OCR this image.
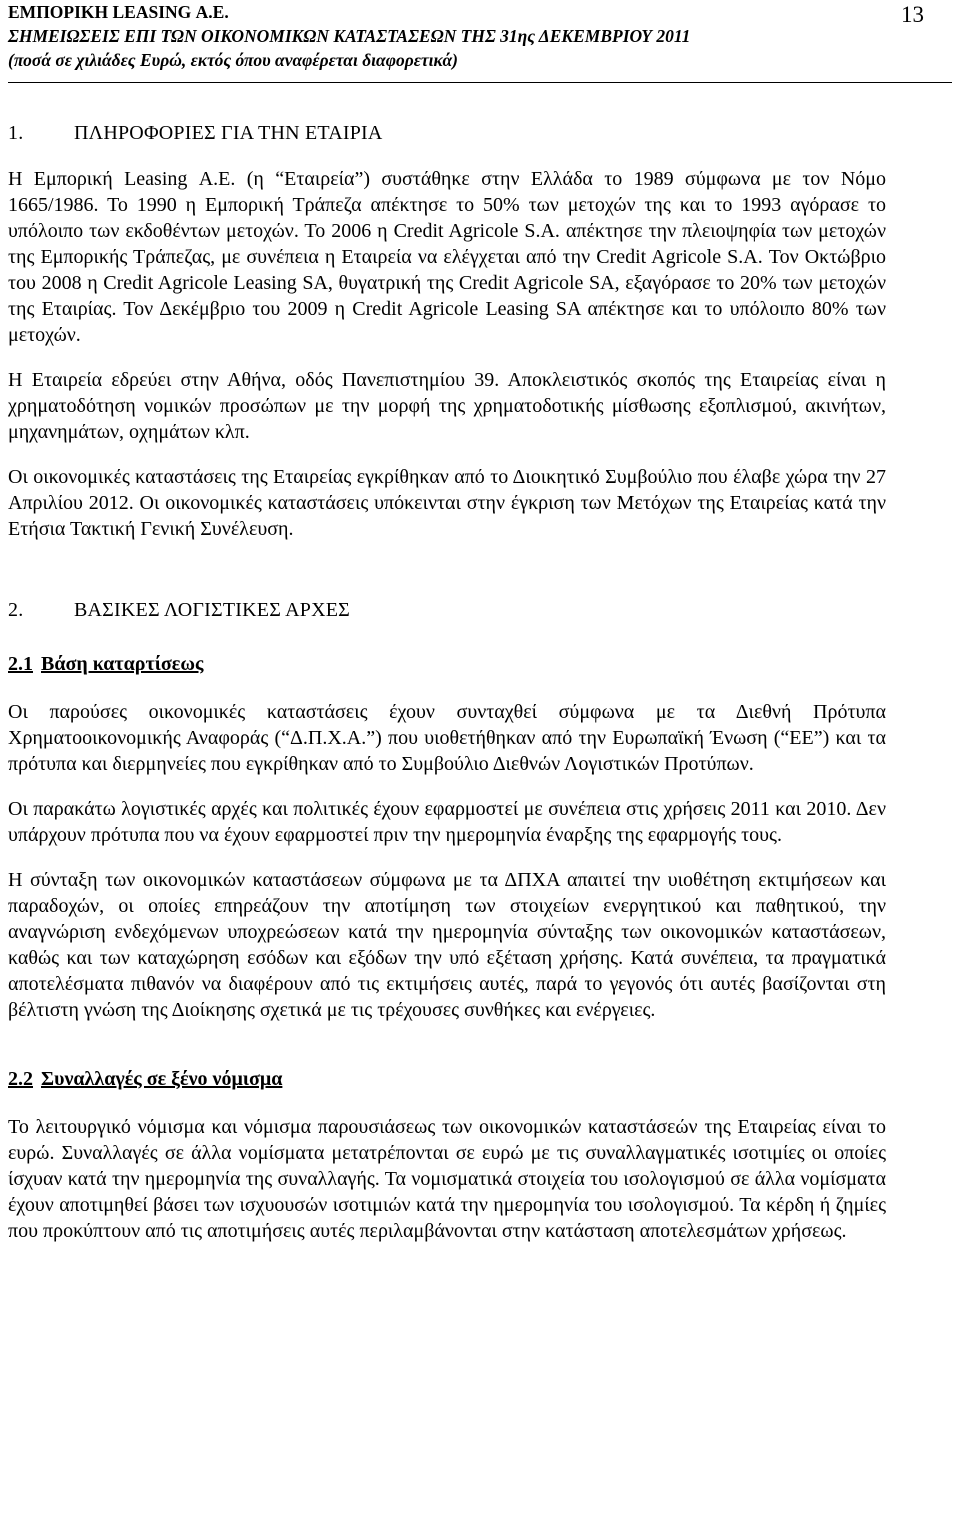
ΕΜΠΟΡΙΚΗ LEASING Α.Ε.
ΣΗΜΕΙΩΣΕΙΣ ΕΠΙ ΤΩΝ ΟΙΚΟΝΟΜΙΚΩΝ ΚΑΤΑΣΤΑΣΕΩΝ ΤΗΣ 31ης ΔΕΚΕΜΒΡΙΟΥ 2011
(ποσά σε χιλιάδες Ευρώ, εκτός όπου αναφέρεται διαφορετικά)
13
1.	ΠΛΗΡΟΦΟΡΙΕΣ ΓΙΑ ΤΗΝ ΕΤΑΙΡΙΑ

Η Εμπορική Leasing Α.Ε. (η “Εταιρεία”) συστάθηκε στην Ελλάδα το 1989 σύμφωνα με τον Νόμο 1665/1986. Το 1990 η Εμπορική Τράπεζα απέκτησε το 50% των μετοχών της και το 1993 αγόρασε το υπόλοιπο των εκδοθέντων μετοχών. Το 2006 η Credit Agricole S.A. απέκτησε την πλειοψηφία των μετοχών της Εμπορικής Τράπεζας, με συνέπεια η Εταιρεία να ελέγχεται από την Credit Agricole S.A. Τον Οκτώβριο του 2008 η Credit Agricole Leasing SA, θυγατρική της Credit Agricole SA, εξαγόρασε το 20% των μετοχών της Εταιρίας. Τον Δεκέμβριο του 2009 η Credit Agricole Leasing SA απέκτησε και το υπόλοιπο 80% των μετοχών.

Η Εταιρεία εδρεύει στην Αθήνα, οδός Πανεπιστημίου 39. Αποκλειστικός σκοπός της Εταιρείας είναι η χρηματοδότηση νομικών προσώπων με την μορφή της χρηματοδοτικής μίσθωσης εξοπλισμού, ακινήτων, μηχανημάτων, οχημάτων κλπ.

Οι οικονομικές καταστάσεις της Εταιρείας εγκρίθηκαν από το Διοικητικό Συμβούλιο που έλαβε χώρα την 27 Απριλίου 2012. Οι οικονομικές καταστάσεις υπόκεινται στην έγκριση των Μετόχων της Εταιρείας κατά την Ετήσια Τακτική Γενική Συνέλευση.

2.	ΒΑΣΙΚΕΣ ΛΟΓΙΣΤΙΚΕΣ ΑΡΧΕΣ
2.1 Βάση καταρτίσεως

Οι παρούσες οικονομικές καταστάσεις έχουν συνταχθεί σύμφωνα με τα Διεθνή Πρότυπα Χρηματοοικονομικής Αναφοράς (“Δ.Π.Χ.Α.”) που υιοθετήθηκαν από την Ευρωπαϊκή Ένωση (“ΕΕ”) και τα πρότυπα και διερμηνείες που εγκρίθηκαν από το Συμβούλιο Διεθνών Λογιστικών Προτύπων.

Οι παρακάτω λογιστικές αρχές και πολιτικές έχουν εφαρμοστεί με συνέπεια στις χρήσεις 2011 και 2010. Δεν υπάρχουν πρότυπα που να έχουν εφαρμοστεί πριν την ημερομηνία έναρξης της εφαρμογής τους.

Η σύνταξη των οικονομικών καταστάσεων σύμφωνα με τα ΔΠΧΑ απαιτεί την υιοθέτηση εκτιμήσεων και παραδοχών, οι οποίες επηρεάζουν την αποτίμηση των στοιχείων ενεργητικού και παθητικού, την αναγνώριση ενδεχόμενων υποχρεώσεων κατά την ημερομηνία σύνταξης των οικονομικών καταστάσεων, καθώς και των καταχώρηση εσόδων και εξόδων την υπό εξέταση χρήσης. Κατά συνέπεια, τα πραγματικά αποτελέσματα πιθανόν να διαφέρουν από τις εκτιμήσεις αυτές, παρά το γεγονός ότι αυτές βασίζονται στη βέλτιστη γνώση της Διοίκησης σχετικά με τις τρέχουσες συνθήκες και ενέργειες.

2.2 Συναλλαγές σε ξένο νόμισμα

Το λειτουργικό νόμισμα και νόμισμα παρουσιάσεως των οικονομικών καταστάσεών της Εταιρείας είναι το ευρώ. Συναλλαγές σε άλλα νομίσματα μετατρέπονται σε ευρώ με τις συναλλαγματικές ισοτιμίες οι οποίες ίσχυαν κατά την ημερομηνία της συναλλαγής. Τα νομισματικά στοιχεία του ισολογισμού σε άλλα νομίσματα έχουν αποτιμηθεί βάσει των ισχυουσών ισοτιμιών κατά την ημερομηνία του ισολογισμού. Τα κέρδη ή ζημίες που προκύπτουν από τις αποτιμήσεις αυτές περιλαμβάνονται στην κατάσταση αποτελεσμάτων χρήσεως.
